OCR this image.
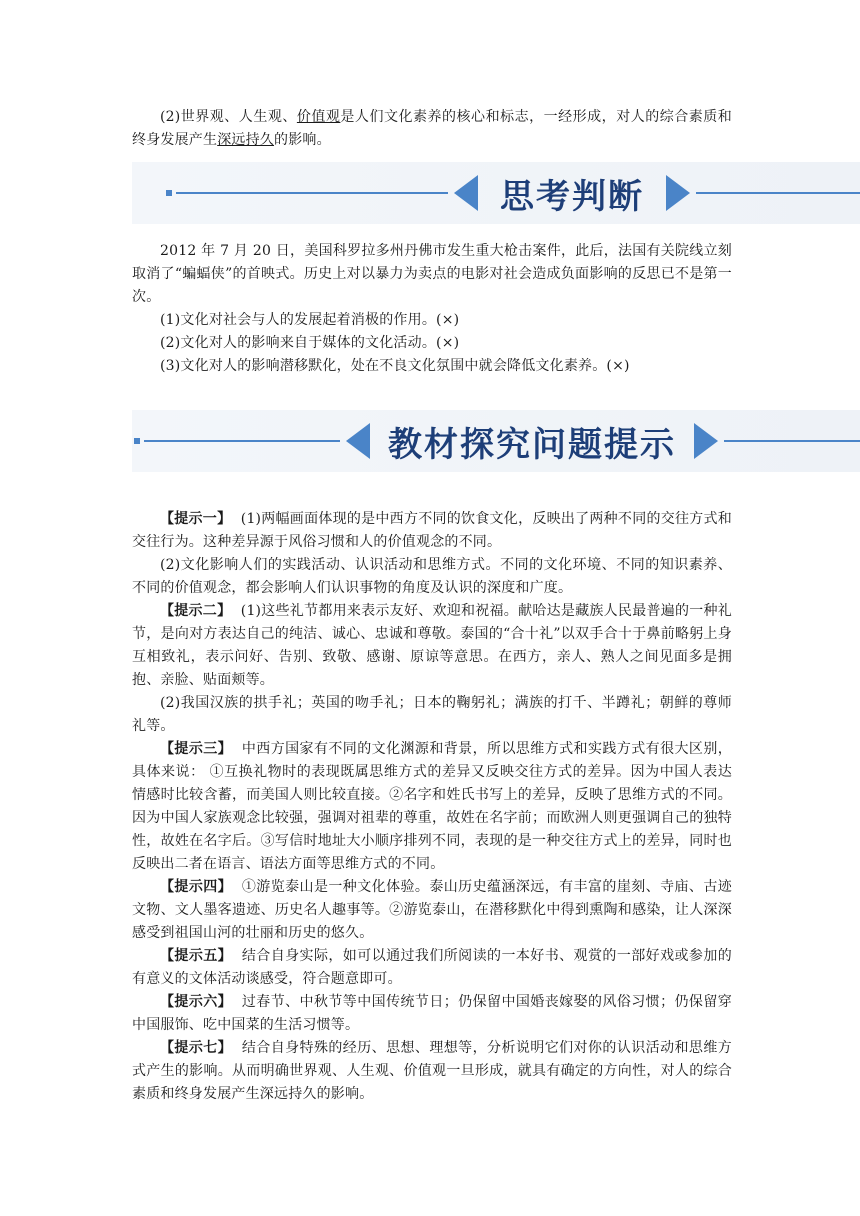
(2)世界观、人生观、价值观是人们文化素养的核心和标志，一经形成，对人的综合素质和终身发展产生深远持久的影响。

思考判断

2012 年 7 月 20 日，美国科罗拉多州丹佛市发生重大枪击案件，此后，法国有关院线立刻取消了“蝙蝠侠”的首映式。历史上对以暴力为卖点的电影对社会造成负面影响的反思已不是第一次。

(1)文化对社会与人的发展起着消极的作用。(×)

(2)文化对人的影响来自于媒体的文化活动。(×)

(3)文化对人的影响潜移默化，处在不良文化氛围中就会降低文化素养。(×)

教材探究问题提示

【提示一】 (1)两幅画面体现的是中西方不同的饮食文化，反映出了两种不同的交往方式和交往行为。这种差异源于风俗习惯和人的价值观念的不同。

(2)文化影响人们的实践活动、认识活动和思维方式。不同的文化环境、不同的知识素养、不同的价值观念，都会影响人们认识事物的角度及认识的深度和广度。

【提示二】 (1)这些礼节都用来表示友好、欢迎和祝福。献哈达是藏族人民最普遍的一种礼节，是向对方表达自己的纯洁、诚心、忠诚和尊敬。泰国的“合十礼”以双手合十于鼻前略躬上身互相致礼，表示问好、告别、致敬、感谢、原谅等意思。在西方，亲人、熟人之间见面多是拥抱、亲脸、贴面颊等。

(2)我国汉族的拱手礼；英国的吻手礼；日本的鞠躬礼；满族的打千、半蹲礼；朝鲜的尊师礼等。

【提示三】 中西方国家有不同的文化渊源和背景，所以思维方式和实践方式有很大区别，具体来说： ①互换礼物时的表现既属思维方式的差异又反映交往方式的差异。因为中国人表达情感时比较含蓄，而美国人则比较直接。②名字和姓氏书写上的差异，反映了思维方式的不同。因为中国人家族观念比较强，强调对祖辈的尊重，故姓在名字前；而欧洲人则更强调自己的独特性，故姓在名字后。③写信时地址大小顺序排列不同，表现的是一种交往方式上的差异，同时也反映出二者在语言、语法方面等思维方式的不同。

【提示四】 ①游览泰山是一种文化体验。泰山历史蕴涵深远，有丰富的崖刻、寺庙、古迹文物、文人墨客遗迹、历史名人趣事等。②游览泰山，在潜移默化中得到熏陶和感染，让人深深感受到祖国山河的壮丽和历史的悠久。

【提示五】 结合自身实际，如可以通过我们所阅读的一本好书、观赏的一部好戏或参加的有意义的文体活动谈感受，符合题意即可。

【提示六】 过春节、中秋节等中国传统节日；仍保留中国婚丧嫁娶的风俗习惯；仍保留穿中国服饰、吃中国菜的生活习惯等。

【提示七】 结合自身特殊的经历、思想、理想等，分析说明它们对你的认识活动和思维方式产生的影响。从而明确世界观、人生观、价值观一旦形成，就具有确定的方向性，对人的综合素质和终身发展产生深远持久的影响。
